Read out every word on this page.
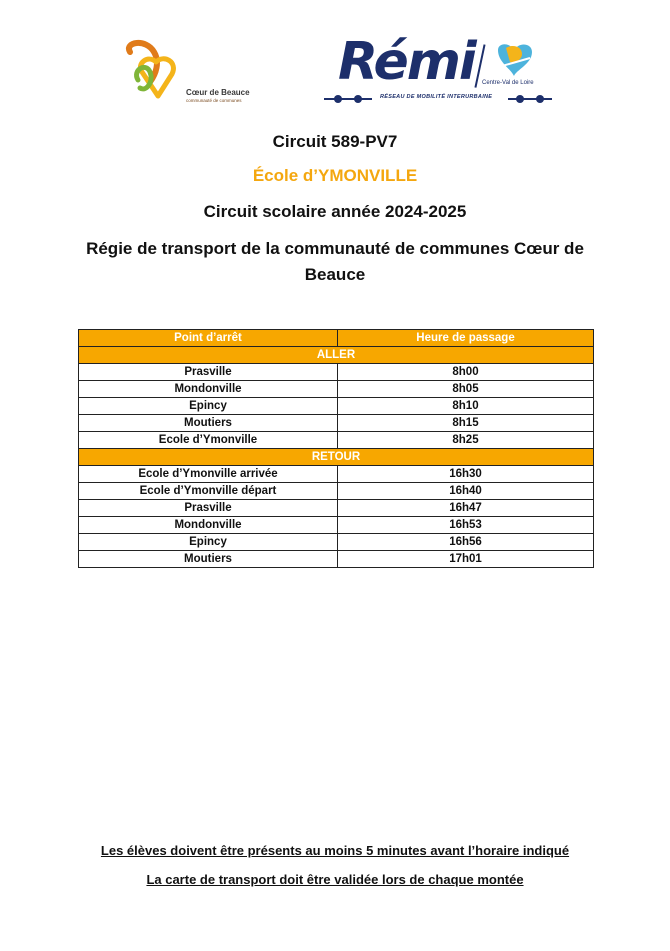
Cœur de Beauce
communauté de communes
Rémi Centre-Val de Loire
RÉSEAU DE MOBILITÉ INTERURBAINE
Circuit 589-PV7
École d’YMONVILLE
Circuit scolaire année 2024-2025
Régie de transport de la communauté de communes Cœur de Beauce
Point d’arrêt	Heure de passage
ALLER	
Prasville	8h00
Mondonville	8h05
Epincy	8h10
Moutiers	8h15
Ecole d’Ymonville	8h25
RETOUR	
Ecole d’Ymonville arrivée	16h30
Ecole d’Ymonville départ	16h40
Prasville	16h47
Mondonville	16h53
Epincy	16h56
Moutiers	17h01
Les élèves doivent être présents au moins 5 minutes avant l’horaire indiqué
La carte de transport doit être validée lors de chaque montée
